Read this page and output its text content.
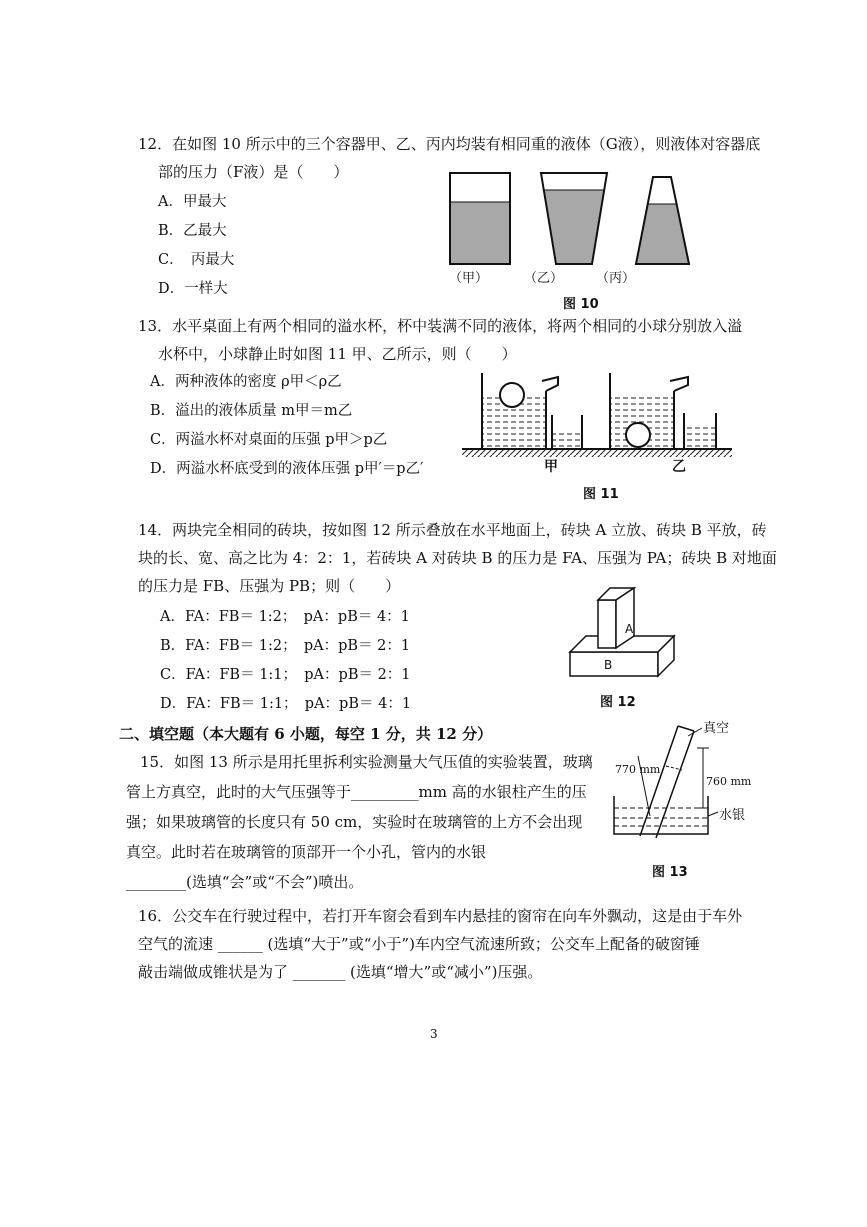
12．在如图 10 所示中的三个容器甲、乙、丙内均装有相同重的液体（G液），则液体对容器底
部的压力（F液）是（　　）
A．甲最大
B．乙最大
C．　丙最大
D．一样大
（甲）	（乙）	（丙）
图 10
13．水平桌面上有两个相同的溢水杯，杯中装满不同的液体，将两个相同的小球分别放入溢
水杯中，小球静止时如图 11 甲、乙所示，则（　　）
A．两种液体的密度 ρ甲＜ρ乙
B．溢出的液体质量 m甲＝m乙
C．两溢水杯对桌面的压强 p甲＞p乙
D．两溢水杯底受到的液体压强 p甲′＝p乙′	甲	乙
图 11
14．两块完全相同的砖块，按如图 12 所示叠放在水平地面上，砖块 A 立放、砖块 B 平放，砖
块的长、宽、高之比为 4：2：1，若砖块 A 对砖块 B 的压力是 FA、压强为 PA；砖块 B 对地面
的压力是 FB、压强为 PB；则（　　）
A．FA：FB＝ 1:2；　pA：pB＝ 4：1
B．FA：FB＝ 1:2；　pA：pB＝ 2：1
C．FA：FB＝ 1:1；　pA：pB＝ 2：1
D．FA：FB＝ 1:1；　pA：pB＝ 4：1
A
B
图 12
二、填空题（本大题有 6 小题，每空 1 分，共 12 分）
15．如图 13 所示是用托里拆利实验测量大气压值的实验装置，玻璃
管上方真空，此时的大气压强等于_________mm 高的水银柱产生的压
强；如果玻璃管的长度只有 50 cm，实验时在玻璃管的上方不会出现
真空。此时若在玻璃管的顶部开一个小孔，管内的水银
________(选填“会”或“不会”)喷出。
真空
770 mm
760 mm
水银
图 13
16．公交车在行驶过程中，若打开车窗会看到车内悬挂的窗帘在向车外飘动，这是由于车外
空气的流速 ______ (选填“大于”或“小于”)车内空气流速所致；公交车上配备的破窗锤
敲击端做成锥状是为了 _______ (选填“增大”或“减小”)压强。
3
